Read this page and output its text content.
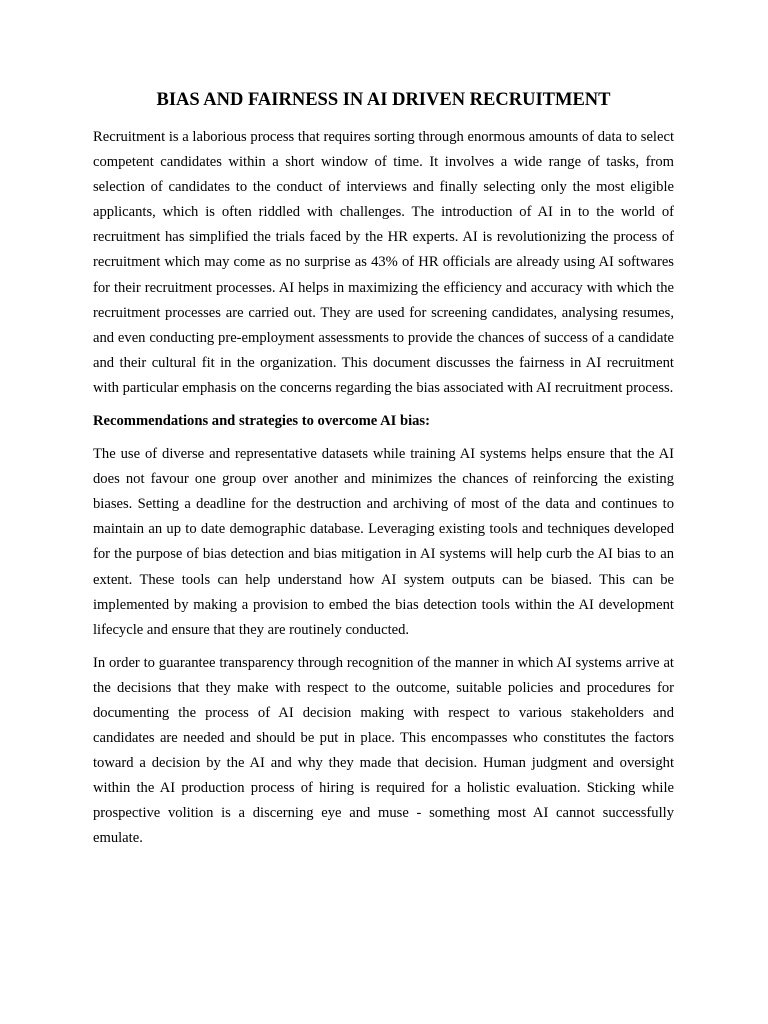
BIAS AND FAIRNESS IN AI DRIVEN RECRUITMENT

Recruitment is a laborious process that requires sorting through enormous amounts of data to select competent candidates within a short window of time. It involves a wide range of tasks, from selection of candidates to the conduct of interviews and finally selecting only the most eligible applicants, which is often riddled with challenges. The introduction of AI in to the world of recruitment has simplified the trials faced by the HR experts. AI is revolutionizing the process of recruitment which may come as no surprise as 43% of HR officials are already using AI softwares for their recruitment processes. AI helps in maximizing the efficiency and accuracy with which the recruitment processes are carried out. They are used for screening candidates, analysing resumes, and even conducting pre-employment assessments to provide the chances of success of a candidate and their cultural fit in the organization. This document discusses the fairness in AI recruitment with particular emphasis on the concerns regarding the bias associated with AI recruitment process.

Recommendations and strategies to overcome AI bias:

The use of diverse and representative datasets while training AI systems helps ensure that the AI does not favour one group over another and minimizes the chances of reinforcing the existing biases. Setting a deadline for the destruction and archiving of most of the data and continues to maintain an up to date demographic database. Leveraging existing tools and techniques developed for the purpose of bias detection and bias mitigation in AI systems will help curb the AI bias to an extent. These tools can help understand how AI system outputs can be biased. This can be implemented by making a provision to embed the bias detection tools within the AI development lifecycle and ensure that they are routinely conducted.

In order to guarantee transparency through recognition of the manner in which AI systems arrive at the decisions that they make with respect to the outcome, suitable policies and procedures for documenting the process of AI decision making with respect to various stakeholders and candidates are needed and should be put in place. This encompasses who constitutes the factors toward a decision by the AI and why they made that decision. Human judgment and oversight within the AI production process of hiring is required for a holistic evaluation. Sticking while prospective volition is a discerning eye and muse - something most AI cannot successfully emulate.
